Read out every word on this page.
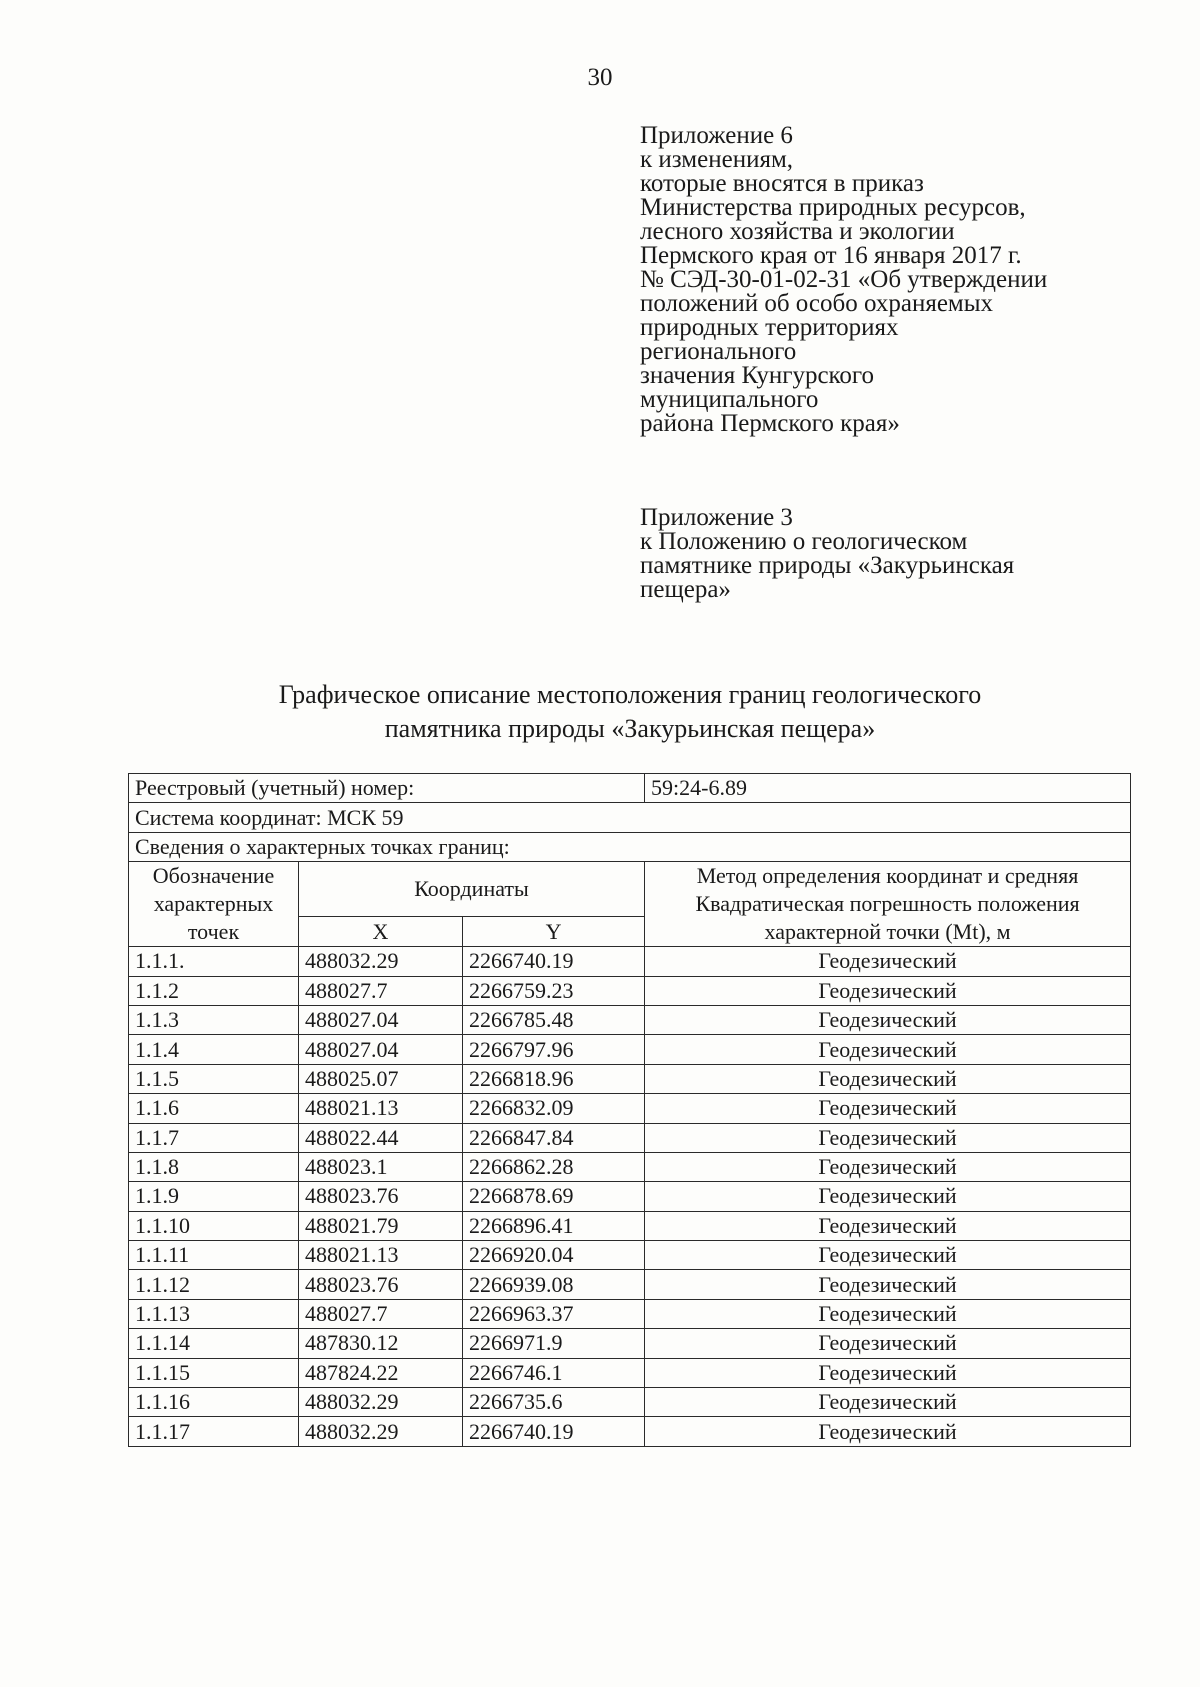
30
Приложение 6
к изменениям,
которые вносятся в приказ
Министерства природных ресурсов,
лесного хозяйства и экологии
Пермского края от 16 января 2017 г.
№ СЭД-30-01-02-31 «Об утверждении
положений об особо охраняемых
природных территориях
регионального
значения Кунгурского
муниципального
района Пермского края»
Приложение 3
к Положению о геологическом
памятнике природы «Закурьинская
пещера»
Графическое описание местоположения границ геологического
памятника природы «Закурьинская пещера»
Реестровый (учетный) номер:			59:24-6.89
Система координат: МСК 59			
Сведения о характерных точках границ:			
Обозначение характерных точек	Координаты		Метод определения координат и средняя Квадратическая погрешность положения характерной точки (Mt), м
	X	Y	
1.1.1.	488032.29	2266740.19	Геодезический
1.1.2	488027.7	2266759.23	Геодезический
1.1.3	488027.04	2266785.48	Геодезический
1.1.4	488027.04	2266797.96	Геодезический
1.1.5	488025.07	2266818.96	Геодезический
1.1.6	488021.13	2266832.09	Геодезический
1.1.7	488022.44	2266847.84	Геодезический
1.1.8	488023.1	2266862.28	Геодезический
1.1.9	488023.76	2266878.69	Геодезический
1.1.10	488021.79	2266896.41	Геодезический
1.1.11	488021.13	2266920.04	Геодезический
1.1.12	488023.76	2266939.08	Геодезический
1.1.13	488027.7	2266963.37	Геодезический
1.1.14	487830.12	2266971.9	Геодезический
1.1.15	487824.22	2266746.1	Геодезический
1.1.16	488032.29	2266735.6	Геодезический
1.1.17	488032.29	2266740.19	Геодезический
